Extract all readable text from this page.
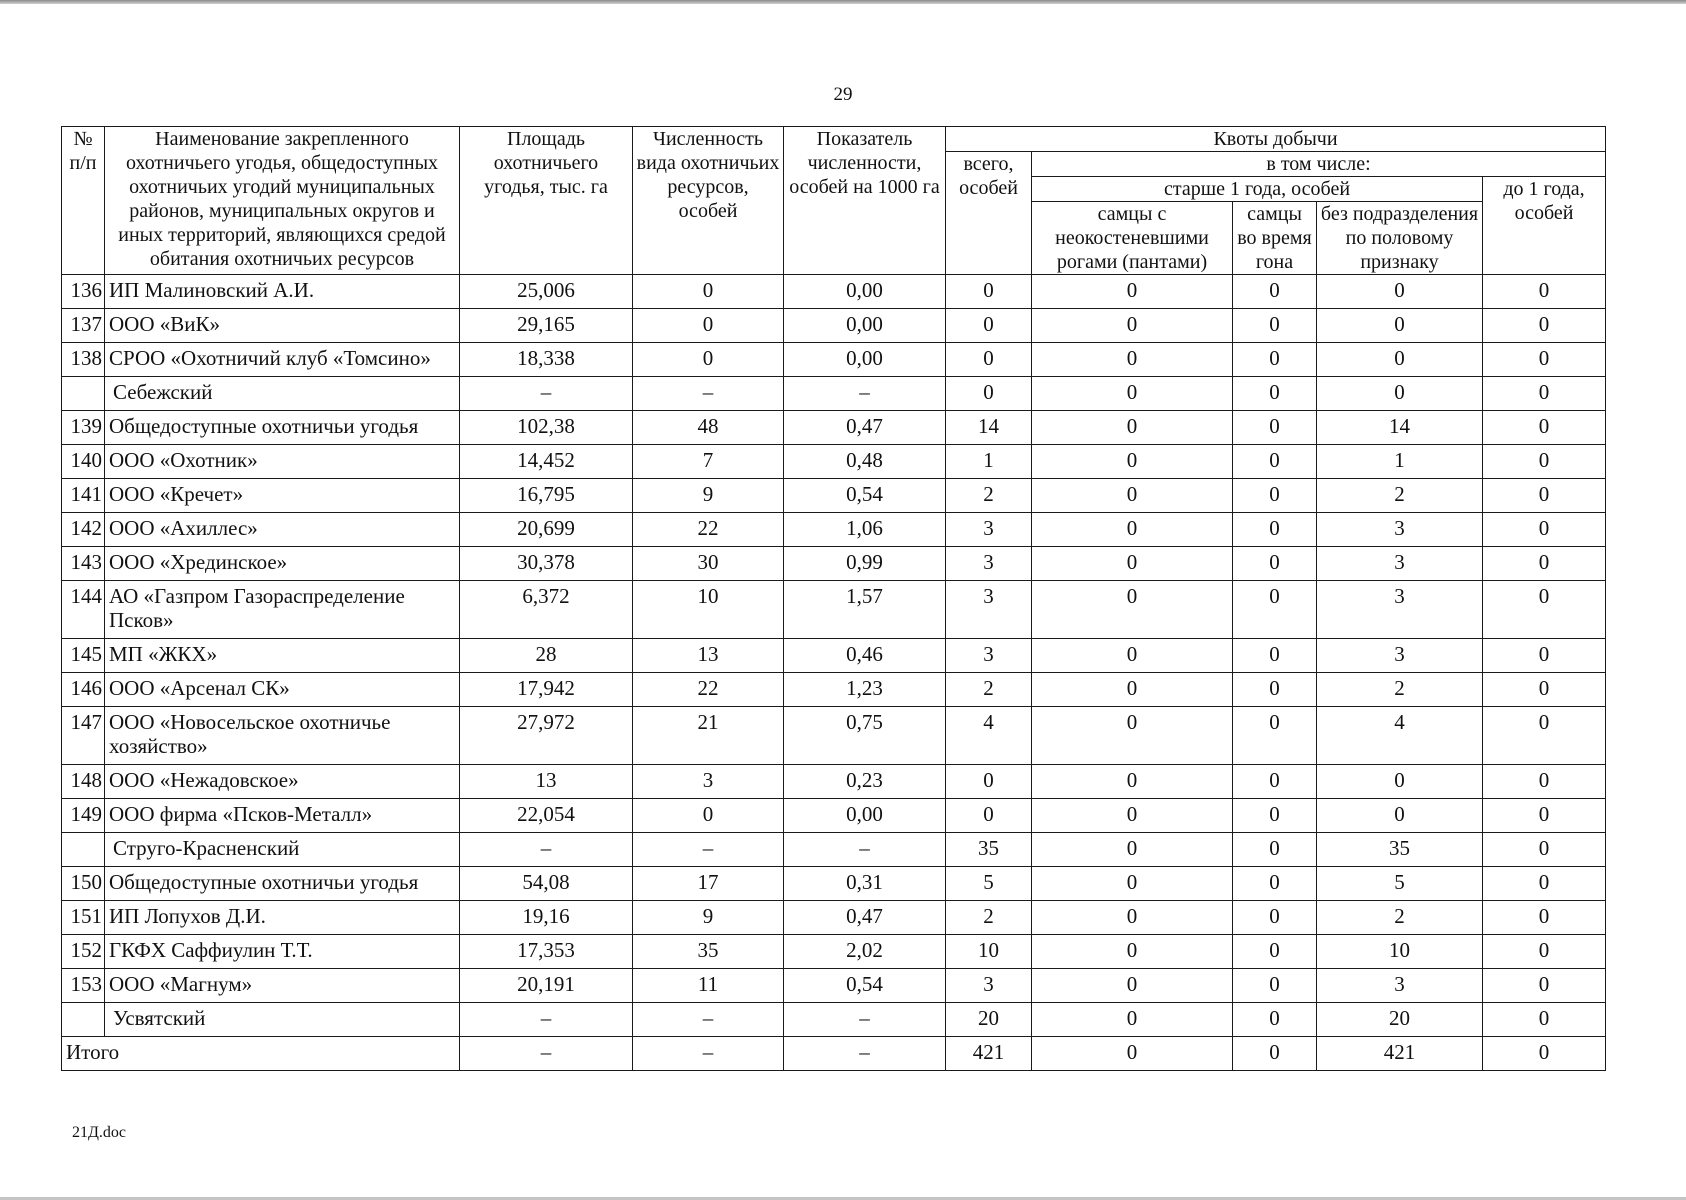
29
№ п/п	Наименование закрепленного охотничьего угодья, общедоступных охотничьих угодий муниципальных районов, муниципальных округов и иных территорий, являющихся средой обитания охотничьих ресурсов	Площадь охотничьего угодья, тыс. га	Численность вида охотничьих ресурсов, особей	Показатель численности, особей на 1000 га	Квоты добычи				
					всего, особей	в том числе:			
						старше 1 года, особей			до 1 года, особей
						самцы с неокостеневшими рогами (пантами)	самцы во время гона	без подразделения по половому признаку	
136	ИП Малиновский А.И.	25,006	0	0,00	0	0	0	0	0
137	ООО «ВиК»	29,165	0	0,00	0	0	0	0	0
138	СРОО «Охотничий клуб «Томсино»	18,338	0	0,00	0	0	0	0	0
	Себежский	–	–	–	0	0	0	0	0
139	Общедоступные охотничьи угодья	102,38	48	0,47	14	0	0	14	0
140	ООО «Охотник»	14,452	7	0,48	1	0	0	1	0
141	ООО «Кречет»	16,795	9	0,54	2	0	0	2	0
142	ООО «Ахиллес»	20,699	22	1,06	3	0	0	3	0
143	ООО «Хрединское»	30,378	30	0,99	3	0	0	3	0
144	АО «Газпром Газораспределение Псков»	6,372	10	1,57	3	0	0	3	0
145	МП «ЖКХ»	28	13	0,46	3	0	0	3	0
146	ООО «Арсенал СК»	17,942	22	1,23	2	0	0	2	0
147	ООО «Новосельское охотничье хозяйство»	27,972	21	0,75	4	0	0	4	0
148	ООО «Нежадовское»	13	3	0,23	0	0	0	0	0
149	ООО фирма «Псков-Металл»	22,054	0	0,00	0	0	0	0	0
	Струго-Красненский	–	–	–	35	0	0	35	0
150	Общедоступные охотничьи угодья	54,08	17	0,31	5	0	0	5	0
151	ИП Лопухов Д.И.	19,16	9	0,47	2	0	0	2	0
152	ГКФХ Саффиулин Т.Т.	17,353	35	2,02	10	0	0	10	0
153	ООО «Магнум»	20,191	11	0,54	3	0	0	3	0
	Усвятский	–	–	–	20	0	0	20	0
Итого		–	–	–	421	0	0	421	0
21Д.doc
